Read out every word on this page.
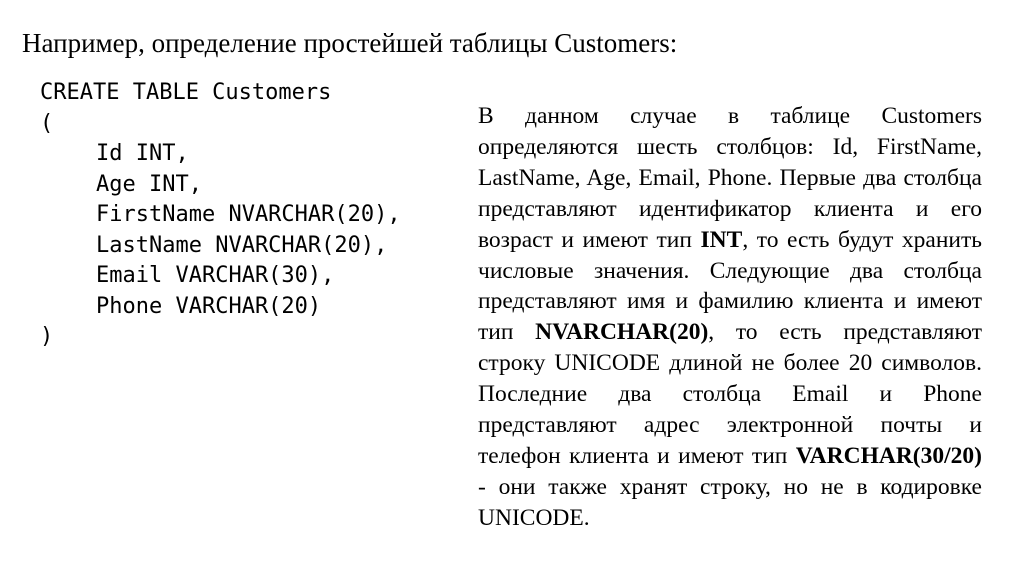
Например, определение простейшей таблицы Customers:
CREATE TABLE Customers
(
Id INT,
Age INT,
FirstName NVARCHAR(20),
LastName NVARCHAR(20),
Email VARCHAR(30),
Phone VARCHAR(20)
)

В данном случае в таблице Customers определяются шесть столбцов: Id, FirstName, LastName, Age, Email, Phone. Первые два столбца представляют идентификатор клиента и его возраст и имеют тип INT, то есть будут хранить числовые значения. Следующие два столбца представляют имя и фамилию клиента и имеют тип NVARCHAR(20), то есть представляют строку UNICODE длиной не более 20 символов. Последние два столбца Email и Phone представляют адрес электронной почты и телефон клиента и имеют тип VARCHAR(30/20) - они также хранят строку, но не в кодировке UNICODE.
